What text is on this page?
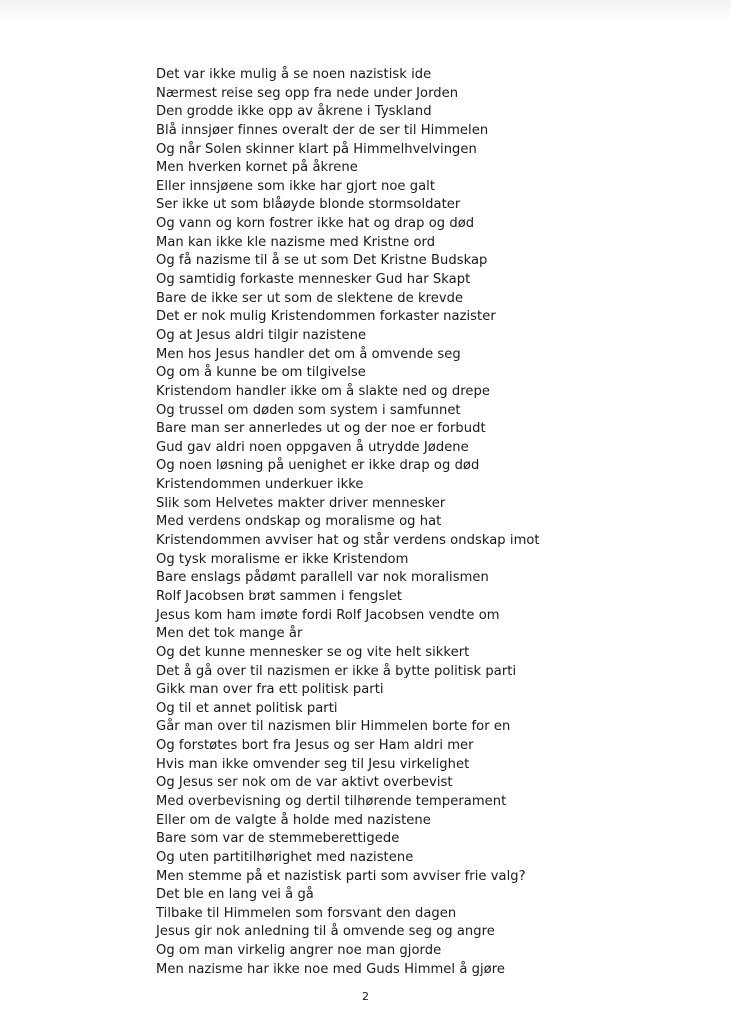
Det var ikke mulig å se noen nazistisk ide
Nærmest reise seg opp fra nede under Jorden
Den grodde ikke opp av åkrene i Tyskland
Blå innsjøer finnes overalt der de ser til Himmelen
Og når Solen skinner klart på Himmelhvelvingen
Men hverken kornet på åkrene
Eller innsjøene som ikke har gjort noe galt
Ser ikke ut som blåøyde blonde stormsoldater
Og vann og korn fostrer ikke hat og drap og død
Man kan ikke kle nazisme med Kristne ord
Og få nazisme til å se ut som Det Kristne Budskap
Og samtidig forkaste mennesker Gud har Skapt
Bare de ikke ser ut som de slektene de krevde
Det er nok mulig Kristendommen forkaster nazister
Og at Jesus aldri tilgir nazistene
Men hos Jesus handler det om å omvende seg
Og om å kunne be om tilgivelse
Kristendom handler ikke om å slakte ned og drepe
Og trussel om døden som system i samfunnet
Bare man ser annerledes ut og der noe er forbudt
Gud gav aldri noen oppgaven å utrydde Jødene
Og noen løsning på uenighet er ikke drap og død
Kristendommen underkuer ikke
Slik som Helvetes makter driver mennesker
Med verdens ondskap og moralisme og hat
Kristendommen avviser hat og står verdens ondskap imot
Og tysk moralisme er ikke Kristendom
Bare enslags pådømt parallell var nok moralismen
Rolf Jacobsen brøt sammen i fengslet
Jesus kom ham imøte fordi Rolf Jacobsen vendte om
Men det tok mange år
Og det kunne mennesker se og vite helt sikkert
Det å gå over til nazismen er ikke å bytte politisk parti
Gikk man over fra ett politisk parti
Og til et annet politisk parti
Går man over til nazismen blir Himmelen borte for en
Og forstøtes bort fra Jesus og ser Ham aldri mer
Hvis man ikke omvender seg til Jesu virkelighet
Og Jesus ser nok om de var aktivt overbevist
Med overbevisning og dertil tilhørende temperament
Eller om de valgte å holde med nazistene
Bare som var de stemmeberettigede
Og uten partitilhørighet med nazistene
Men stemme på et nazistisk parti som avviser frie valg?
Det ble en lang vei å gå
Tilbake til Himmelen som forsvant den dagen
Jesus gir nok anledning til å omvende seg og angre
Og om man virkelig angrer noe man gjorde
Men nazisme har ikke noe med Guds Himmel å gjøre
2
